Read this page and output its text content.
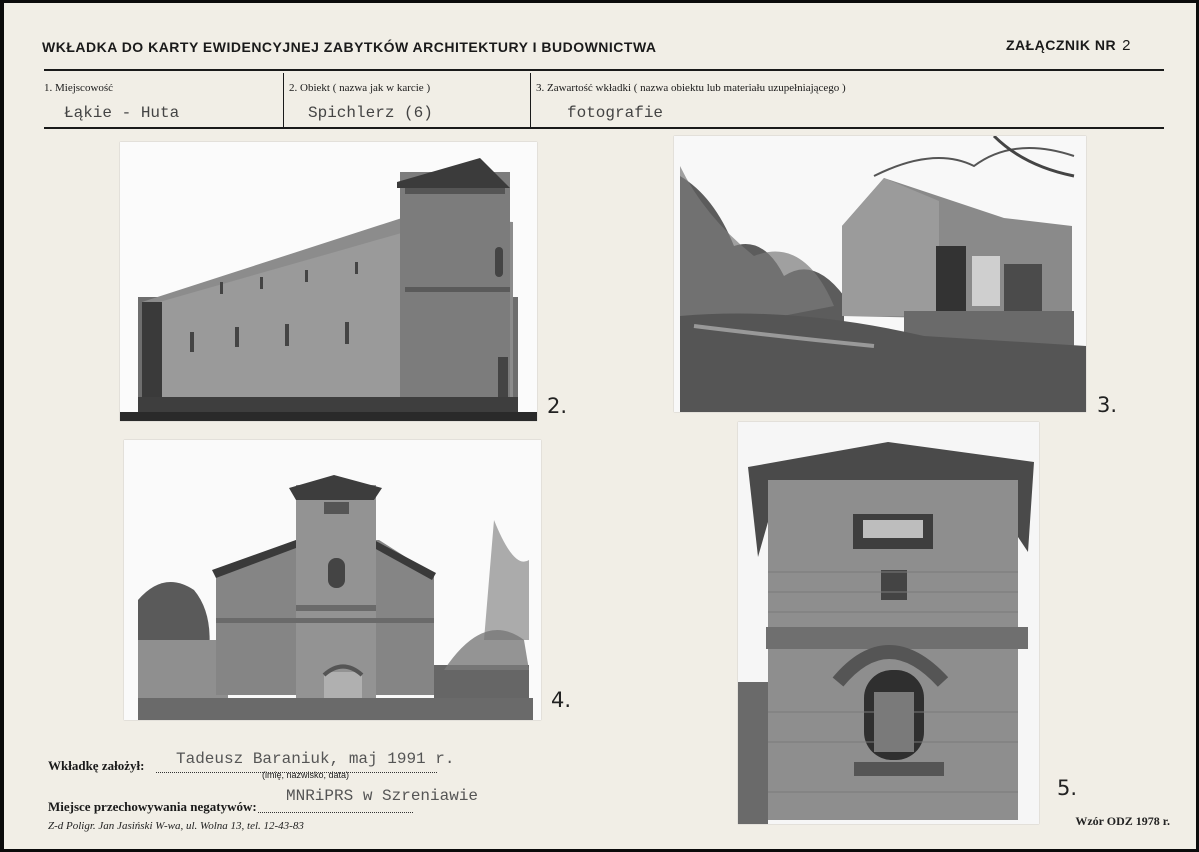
WKŁADKA DO KARTY EWIDENCYJNEJ ZABYTKÓW ARCHITEKTURY I BUDOWNICTWA	ZAŁĄCZNIK NR 2
1. Miejscowość
Łąkie - Huta
2. Obiekt ( nazwa jak w karcie )
Spichlerz (6)
3. Zawartość wkładki ( nazwa obiektu lub materiału uzupełniającego )
fotografie
2.	3.
4.
5.
Wkładkę założył: Tadeusz Baraniuk, maj 1991 r.
(imię, nazwisko, data)
Miejsce przechowywania negatywów:
MNRiPRS w Szreniawie
Z-d Poligr. Jan Jasiński W-wa, ul. Wolna 13, tel. 12-43-83	Wzór ODZ 1978 r.
